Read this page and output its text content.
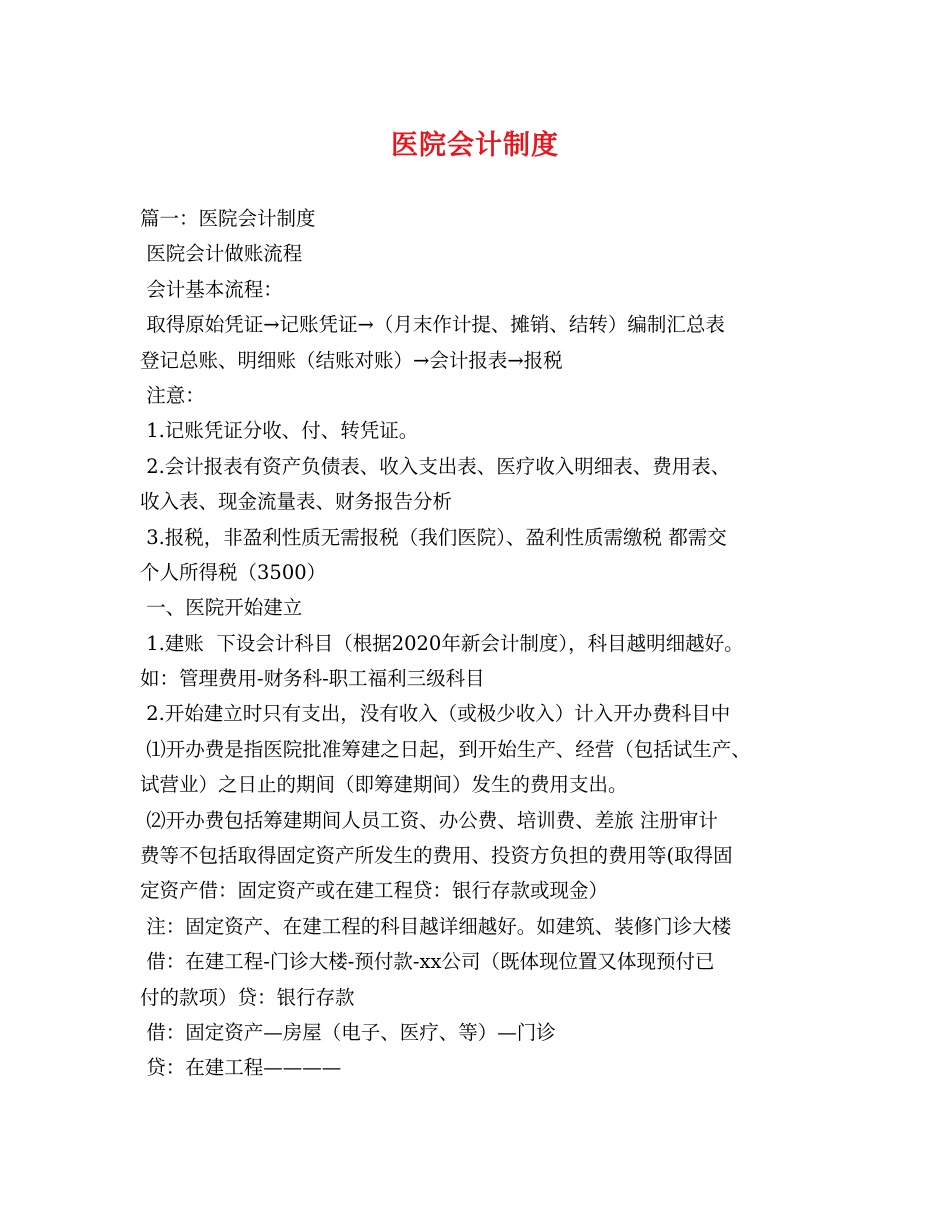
医院会计制度
篇一：医院会计制度
医院会计做账流程
会计基本流程：
取得原始凭证→记账凭证→（月末作计提、摊销、结转）编制汇总表
登记总账、明细账（结账对账）→会计报表→报税
注意：
1.记账凭证分收、付、转凭证。
2.会计报表有资产负债表、收入支出表、医疗收入明细表、费用表、
收入表、现金流量表、财务报告分析
3.报税，非盈利性质无需报税（我们医院）、盈利性质需缴税 都需交
个人所得税（3500）
一、医院开始建立
1.建账  下设会计科目（根据2020年新会计制度），科目越明细越好。
如：管理费用-财务科-职工福利三级科目
2.开始建立时只有支出，没有收入（或极少收入）计入开办费科目中
⑴开办费是指医院批准筹建之日起，到开始生产、经营（包括试生产、
试营业）之日止的期间（即筹建期间）发生的费用支出。
⑵开办费包括筹建期间人员工资、办公费、培训费、差旅 注册审计
费等不包括取得固定资产所发生的费用、投资方负担的费用等(取得固
定资产借：固定资产或在建工程贷：银行存款或现金）
注：固定资产、在建工程的科目越详细越好。如建筑、装修门诊大楼
借：在建工程-门诊大楼-预付款-xx公司（既体现位置又体现预付已
付的款项）贷：银行存款
借：固定资产—房屋（电子、医疗、等）—门诊
贷：在建工程————
